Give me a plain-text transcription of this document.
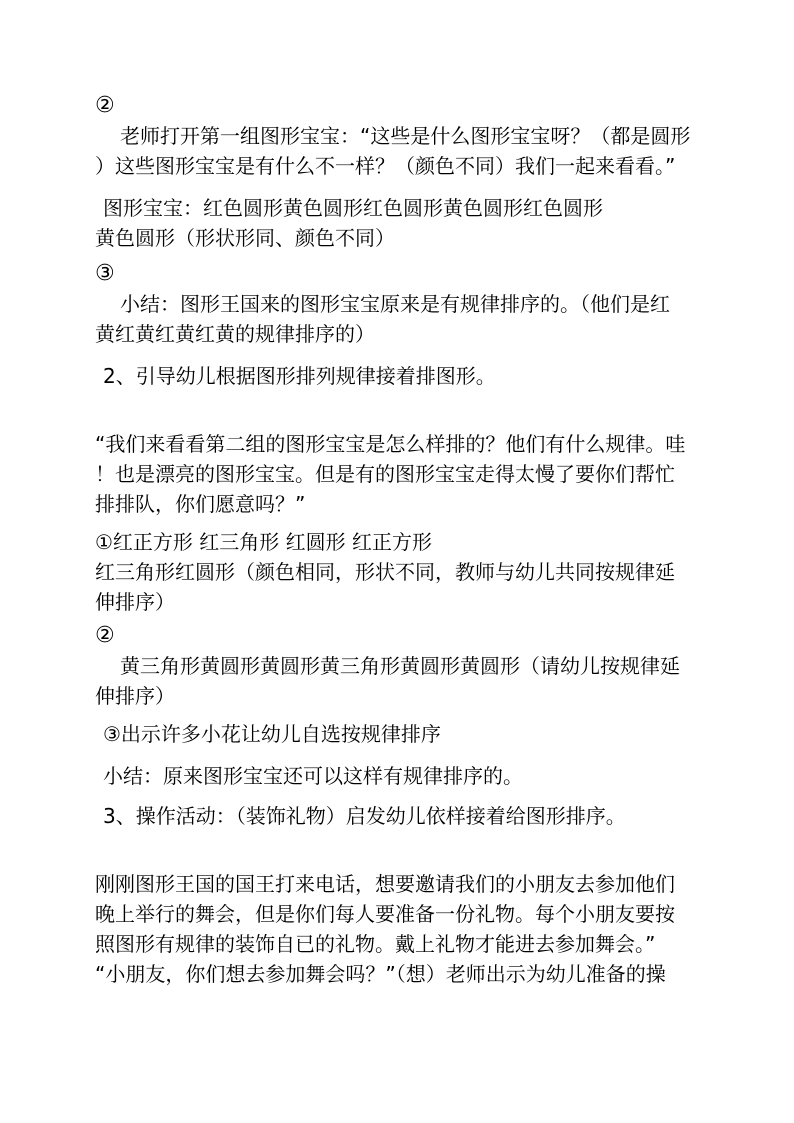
②
老师打开第一组图形宝宝：“这些是什么图形宝宝呀？（都是圆形
）这些图形宝宝是有什么不一样？（颜色不同）我们一起来看看。”
图形宝宝：红色圆形黄色圆形红色圆形黄色圆形红色圆形
黄色圆形（形状形同、颜色不同）
③
小结：图形王国来的图形宝宝原来是有规律排序的。（他们是红
黄红黄红黄红黄的规律排序的）
2、引导幼儿根据图形排列规律接着排图形。
“我们来看看第二组的图形宝宝是怎么样排的？他们有什么规律。哇
！也是漂亮的图形宝宝。但是有的图形宝宝走得太慢了要你们帮忙
排排队，你们愿意吗？”
①红正方形 红三角形 红圆形 红正方形
红三角形红圆形（颜色相同，形状不同，教师与幼儿共同按规律延
伸排序）
②
黄三角形黄圆形黄圆形黄三角形黄圆形黄圆形（请幼儿按规律延
伸排序）
③出示许多小花让幼儿自选按规律排序
小结：原来图形宝宝还可以这样有规律排序的。
3、操作活动：（装饰礼物）启发幼儿依样接着给图形排序。
刚刚图形王国的国王打来电话，想要邀请我们的小朋友去参加他们
晚上举行的舞会，但是你们每人要准备一份礼物。每个小朋友要按
照图形有规律的装饰自已的礼物。戴上礼物才能进去参加舞会。”
“小朋友，你们想去参加舞会吗？”（想）老师出示为幼儿准备的操
